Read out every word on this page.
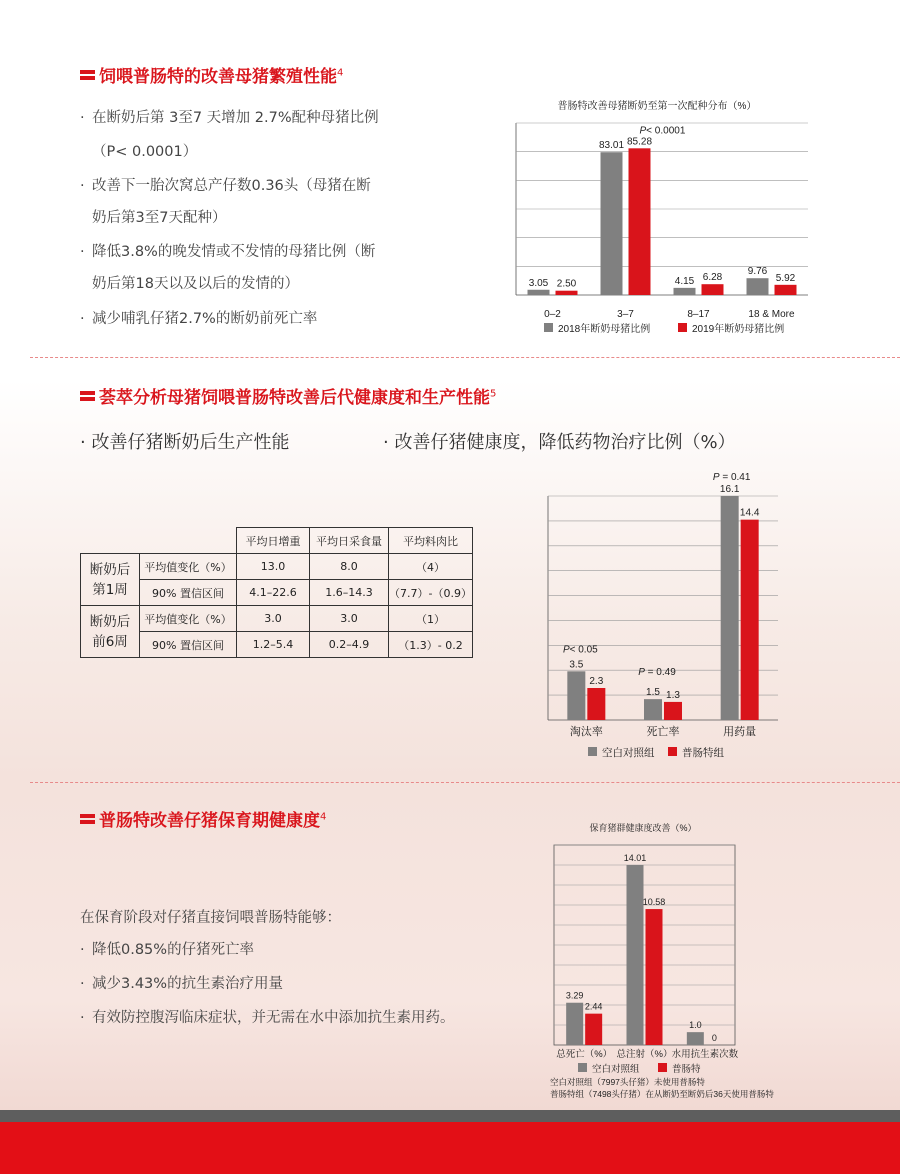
饲喂普肠特的改善母猪繁殖性能$^4$
· 在断奶后第 3至7 天增加 2.7%配种母猪比例
（P< 0.0001）
· 改善下一胎次窝总产仔数0.36头（母猪在断
奶后第3至7天配种）
· 降低3.8%的晚发情或不发情的母猪比例（断
奶后第18天以及以后的发情的）
· 减少哺乳仔猪2.7%的断奶前死亡率
普肠特改善母猪断奶至第一次配种分布（%）
3.05 2.50
0–2
83.01 85.28
3–7
4.15 6.28
8–17
9.76
5.92
18 & More
P< 0.0001
2018年断奶母猪比例	2019年断奶母猪比例
荟萃分析母猪饲喂普肠特改善后代健康度和生产性能$^5$
· 改善仔猪断奶后生产性能	· 改善仔猪健康度，降低药物治疗比例（%）
		平均日增重	平均日采食量	平均料肉比
断奶后
第1周	平均值变化（%）	13.0	8.0	（4）
	90% 置信区间	4.1–22.6	1.6–14.3	（7.7）-（0.9）
断奶后
前6周	平均值变化（%）	3.0	3.0	（1）
	90% 置信区间	1.2–5.4	0.2–4.9	（1.3）- 0.2
3.5
2.3
淘汰率
1.5 1.3
死亡率
16.1
14.4
用药量
P< 0.05
P = 0.49
P = 0.41
空白对照组	普肠特组
普肠特改善仔猪保育期健康度$^4$
在保育阶段对仔猪直接饲喂普肠特能够：
· 降低0.85%的仔猪死亡率
· 减少3.43%的抗生素治疗用量
· 有效防控腹泻临床症状，并无需在水中添加抗生素用药。
保育猪群健康度改善（%）
3.29
2.44
总死亡（%）
14.01
10.58
总注射（%）
1.0
0
水用抗生素次数
空白对照组	普肠特
空白对照组（7997头仔猪）未使用普肠特
普肠特组（7498头仔猪）在从断奶至断奶后36天使用普肠特
